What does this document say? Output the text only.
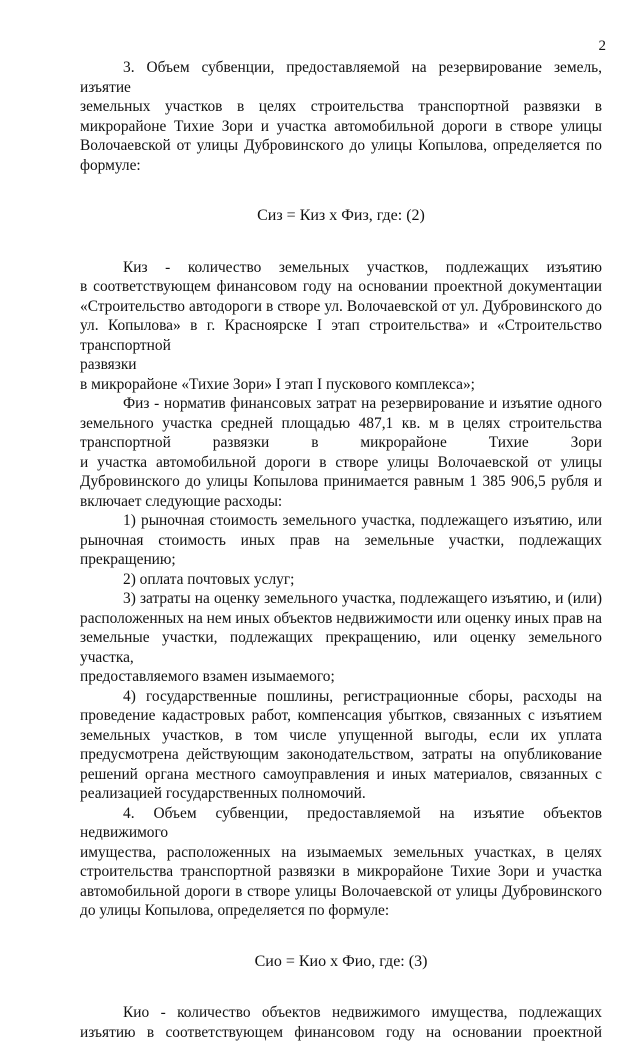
2

3. Объем субвенции, предоставляемой на резервирование земель, изъятие

земельных участков в целях строительства транспортной развязки в

микрорайоне Тихие Зори и участка автомобильной дороги в створе улицы

Волочаевской от улицы Дубровинского до улицы Копылова, определяется по

формуле:

Сиз = Киз х Физ, где: (2)

Киз - количество земельных участков, подлежащих изъятию

в соответствующем финансовом году на основании проектной документации

«Строительство автодороги в створе ул. Волочаевской от ул. Дубровинского до

ул. Копылова» в г. Красноярске I этап строительства» и «Строительство

транспортной

развязки

в микрорайоне «Тихие Зори» I этап I пускового комплекса»;

Физ - норматив финансовых затрат на резервирование и изъятие одного

земельного участка средней площадью 487,1 кв. м в целях строительства

транспортной развязки в микрорайоне Тихие Зори

и участка автомобильной дороги в створе улицы Волочаевской от улицы

Дубровинского до улицы Копылова принимается равным 1 385 906,5 рубля и

включает следующие расходы:

1) рыночная стоимость земельного участка, подлежащего изъятию, или

рыночная стоимость иных прав на земельные участки, подлежащих

прекращению;

2) оплата почтовых услуг;

3) затраты на оценку земельного участка, подлежащего изъятию, и (или)

расположенных на нем иных объектов недвижимости или оценку иных прав на

земельные участки, подлежащих прекращению, или оценку земельного участка,

предоставляемого взамен изымаемого;

4) государственные пошлины, регистрационные сборы, расходы на

проведение кадастровых работ, компенсация убытков, связанных с изъятием

земельных участков, в том числе упущенной выгоды, если их уплата

предусмотрена действующим законодательством, затраты на опубликование

решений органа местного самоуправления и иных материалов, связанных с

реализацией государственных полномочий.

4. Объем субвенции, предоставляемой на изъятие объектов недвижимого

имущества, расположенных на изымаемых земельных участках, в целях

строительства транспортной развязки в микрорайоне Тихие Зори и участка

автомобильной дороги в створе улицы Волочаевской от улицы Дубровинского

до улицы Копылова, определяется по формуле:

Сио = Кио х Фио, где: (3)

Кио - количество объектов недвижимого имущества, подлежащих

изъятию в соответствующем финансовом году на основании проектной
